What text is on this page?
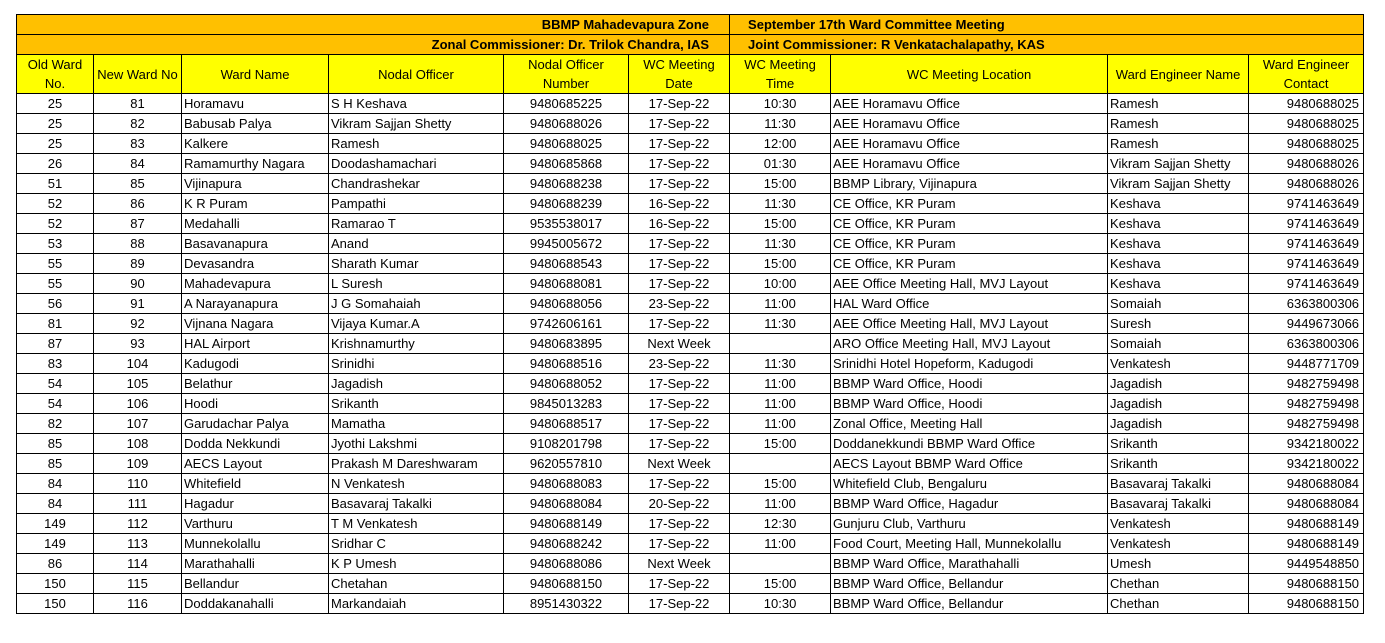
BBMP Mahadevapura Zone						September 17th Ward Committee Meeting			
Zonal Commissioner: Dr. Trilok Chandra, IAS						Joint Commissioner: R Venkatachalapathy, KAS			
Old Ward No.	New Ward No	Ward Name	Nodal Officer	Nodal Officer Number	WC Meeting Date	WC Meeting Time	WC Meeting Location	Ward Engineer Name	Ward Engineer Contact
25	81	Horamavu	S H Keshava	9480685225	17-Sep-22	10:30	AEE Horamavu Office	Ramesh	9480688025
25	82	Babusab Palya	Vikram Sajjan Shetty	9480688026	17-Sep-22	11:30	AEE Horamavu Office	Ramesh	9480688025
25	83	Kalkere	Ramesh	9480688025	17-Sep-22	12:00	AEE Horamavu Office	Ramesh	9480688025
26	84	Ramamurthy Nagara	Doodashamachari	9480685868	17-Sep-22	01:30	AEE Horamavu Office	Vikram Sajjan Shetty	9480688026
51	85	Vijinapura	Chandrashekar	9480688238	17-Sep-22	15:00	BBMP Library, Vijinapura	Vikram Sajjan Shetty	9480688026
52	86	K R Puram	Pampathi	9480688239	16-Sep-22	11:30	CE Office, KR Puram	Keshava	9741463649
52	87	Medahalli	Ramarao T	9535538017	16-Sep-22	15:00	CE Office, KR Puram	Keshava	9741463649
53	88	Basavanapura	Anand	9945005672	17-Sep-22	11:30	CE Office, KR Puram	Keshava	9741463649
55	89	Devasandra	Sharath Kumar	9480688543	17-Sep-22	15:00	CE Office, KR Puram	Keshava	9741463649
55	90	Mahadevapura	L Suresh	9480688081	17-Sep-22	10:00	AEE Office Meeting Hall, MVJ Layout	Keshava	9741463649
56	91	A Narayanapura	J G Somahaiah	9480688056	23-Sep-22	11:00	HAL Ward Office	Somaiah	6363800306
81	92	Vijnana Nagara	Vijaya Kumar.A	9742606161	17-Sep-22	11:30	AEE Office Meeting Hall, MVJ Layout	Suresh	9449673066
87	93	HAL Airport	Krishnamurthy	9480683895	Next Week		ARO Office Meeting Hall, MVJ Layout	Somaiah	6363800306
83	104	Kadugodi	Srinidhi	9480688516	23-Sep-22	11:30	Srinidhi Hotel Hopeform, Kadugodi	Venkatesh	9448771709
54	105	Belathur	Jagadish	9480688052	17-Sep-22	11:00	BBMP Ward Office, Hoodi	Jagadish	9482759498
54	106	Hoodi	Srikanth	9845013283	17-Sep-22	11:00	BBMP Ward Office, Hoodi	Jagadish	9482759498
82	107	Garudachar Palya	Mamatha	9480688517	17-Sep-22	11:00	Zonal Office, Meeting Hall	Jagadish	9482759498
85	108	Dodda Nekkundi	Jyothi Lakshmi	9108201798	17-Sep-22	15:00	Doddanekkundi BBMP Ward Office	Srikanth	9342180022
85	109	AECS Layout	Prakash M Dareshwaram	9620557810	Next Week		AECS Layout BBMP Ward Office	Srikanth	9342180022
84	110	Whitefield	N Venkatesh	9480688083	17-Sep-22	15:00	Whitefield Club, Bengaluru	Basavaraj Takalki	9480688084
84	111	Hagadur	Basavaraj Takalki	9480688084	20-Sep-22	11:00	BBMP Ward Office, Hagadur	Basavaraj Takalki	9480688084
149	112	Varthuru	T M Venkatesh	9480688149	17-Sep-22	12:30	Gunjuru Club, Varthuru	Venkatesh	9480688149
149	113	Munnekolallu	Sridhar C	9480688242	17-Sep-22	11:00	Food Court, Meeting Hall, Munnekolallu	Venkatesh	9480688149
86	114	Marathahalli	K P Umesh	9480688086	Next Week		BBMP Ward Office, Marathahalli	Umesh	9449548850
150	115	Bellandur	Chetahan	9480688150	17-Sep-22	15:00	BBMP Ward Office, Bellandur	Chethan	9480688150
150	116	Doddakanahalli	Markandaiah	8951430322	17-Sep-22	10:30	BBMP Ward Office, Bellandur	Chethan	9480688150
